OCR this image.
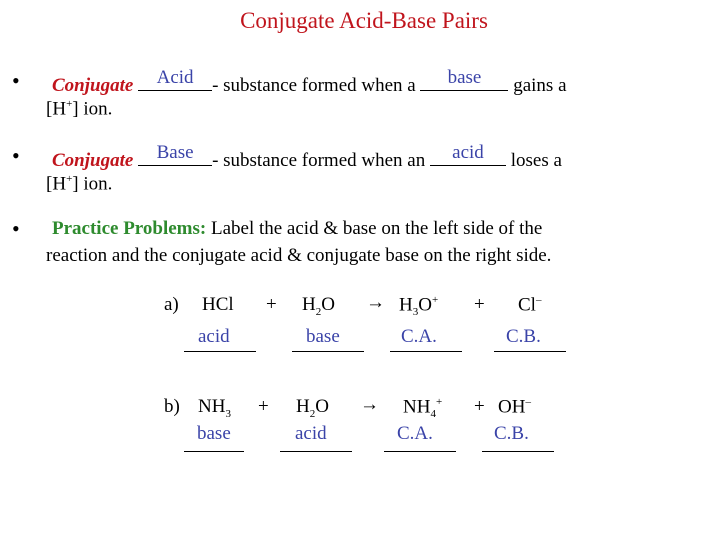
Conjugate Acid-Base Pairs
• Conjugate	Acid - substance formed when a	base	gains a
[H+] ion.
• Conjugate	Base - substance formed when an	acid	loses a
[H+] ion.
• Practice Problems: Label the acid & base on the left side of the
reaction and the conjugate acid & conjugate base on the right side.
a) HCl + $H_2O \to H_3O^+ + Cl^-$
acid	base	C.A.	C.B.
b) $NH_3 + H_2O \to NH_4^+ + OH^-$
base	acid	C.A.	C.B.
